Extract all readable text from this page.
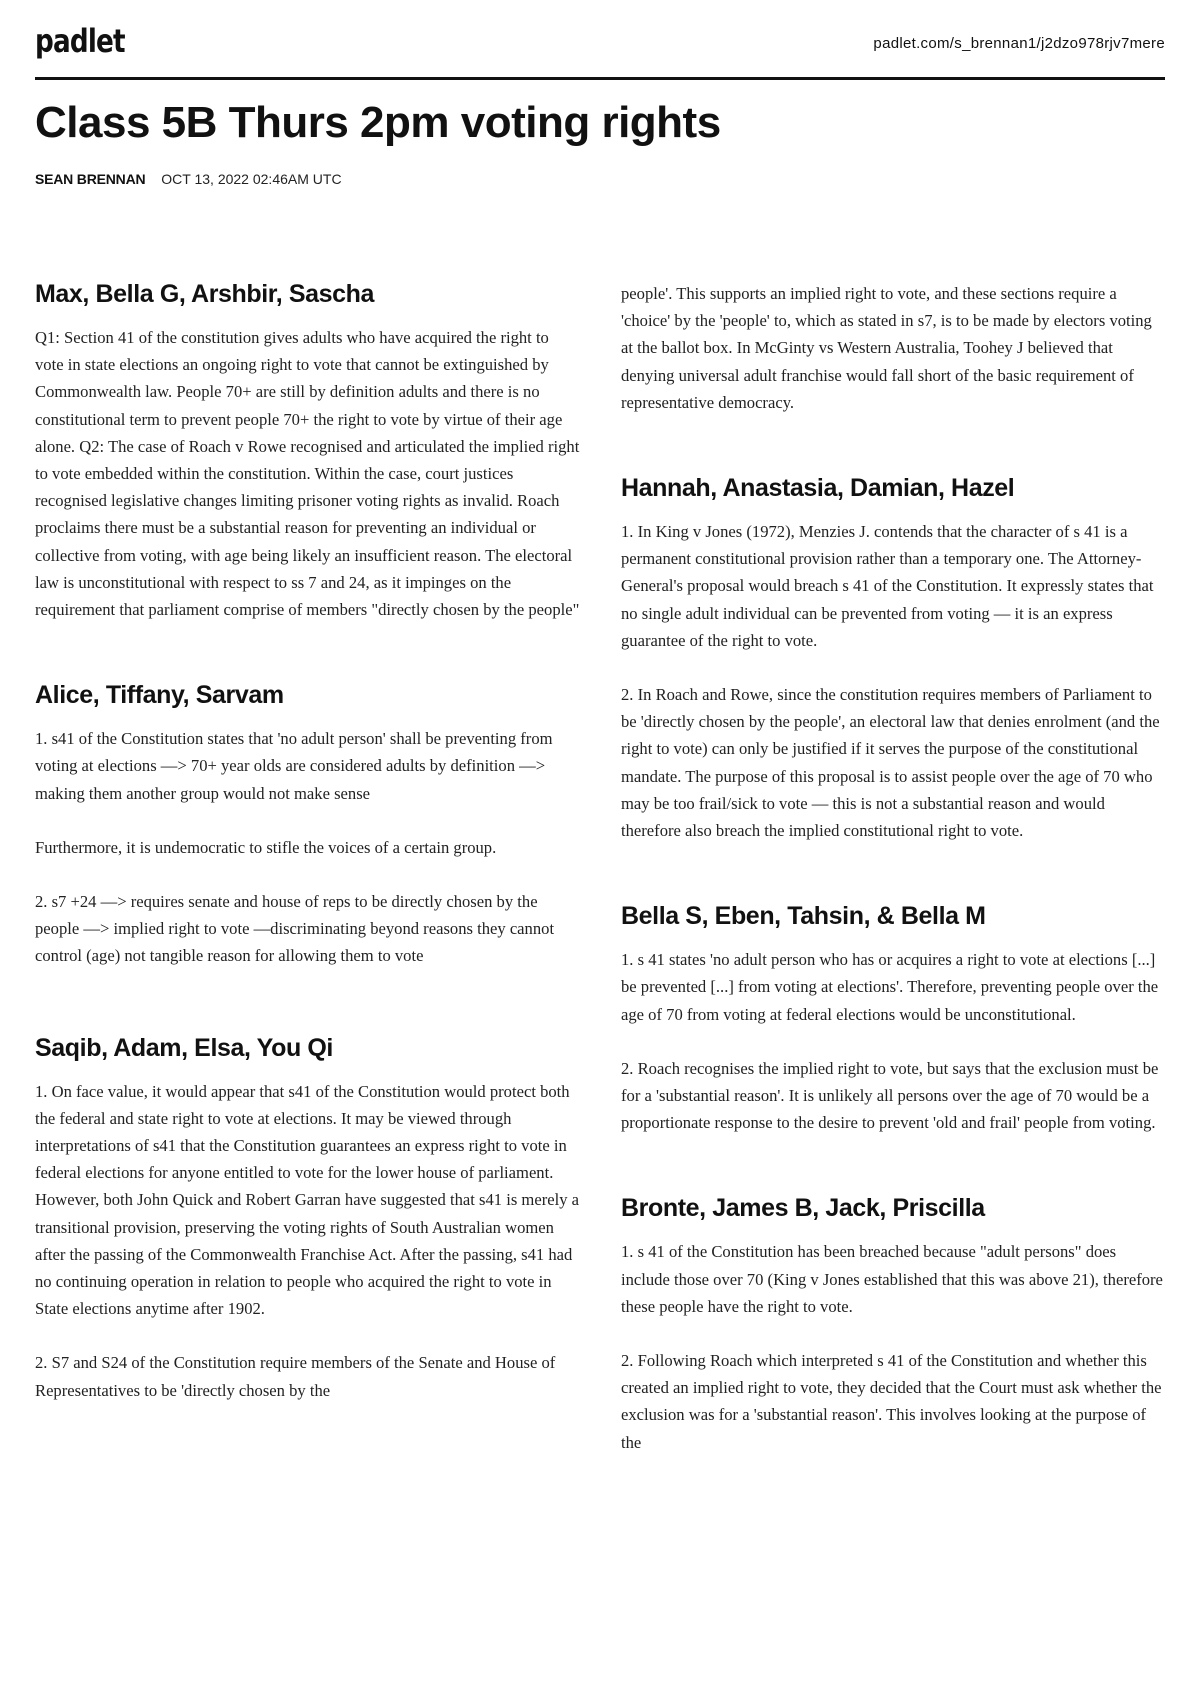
padlet	padlet.com/s_brennan1/j2dzo978rjv7mere
Class 5B Thurs 2pm voting rights
SEAN BRENNAN OCT 13, 2022 02:46AM UTC
Max, Bella G, Arshbir, Sascha

Q1: Section 41 of the constitution gives adults who have acquired the right to vote in state elections an ongoing right to vote that cannot be extinguished by Commonwealth law. People 70+ are still by definition adults and there is no constitutional term to prevent people 70+ the right to vote by virtue of their age alone. Q2: The case of Roach v Rowe recognised and articulated the implied right to vote embedded within the constitution. Within the case, court justices recognised legislative changes limiting prisoner voting rights as invalid. Roach proclaims there must be a substantial reason for preventing an individual or collective from voting, with age being likely an insufficient reason. The electoral law is unconstitutional with respect to ss 7 and 24, as it impinges on the requirement that parliament comprise of members "directly chosen by the people"

Alice, Tiffany, Sarvam

1. s41 of the Constitution states that 'no adult person' shall be preventing from voting at elections —> 70+ year olds are considered adults by definition —> making them another group would not make sense

Furthermore, it is undemocratic to stifle the voices of a certain group.

2. s7 +24 —> requires senate and house of reps to be directly chosen by the people —> implied right to vote —discriminating beyond reasons they cannot control (age) not tangible reason for allowing them to vote

Saqib, Adam, Elsa, You Qi

1. On face value, it would appear that s41 of the Constitution would protect both the federal and state right to vote at elections. It may be viewed through interpretations of s41 that the Constitution guarantees an express right to vote in federal elections for anyone entitled to vote for the lower house of parliament. However, both John Quick and Robert Garran have suggested that s41 is merely a transitional provision, preserving the voting rights of South Australian women after the passing of the Commonwealth Franchise Act. After the passing, s41 had no continuing operation in relation to people who acquired the right to vote in State elections anytime after 1902.

2. S7 and S24 of the Constitution require members of the Senate and House of Representatives to be 'directly chosen by the

people'. This supports an implied right to vote, and these sections require a 'choice' by the 'people' to, which as stated in s7, is to be made by electors voting at the ballot box. In McGinty vs Western Australia, Toohey J believed that denying universal adult franchise would fall short of the basic requirement of representative democracy.

Hannah, Anastasia, Damian, Hazel

1. In King v Jones (1972), Menzies J. contends that the character of s 41 is a permanent constitutional provision rather than a temporary one. The Attorney-General's proposal would breach s 41 of the Constitution. It expressly states that no single adult individual can be prevented from voting — it is an express guarantee of the right to vote.

2. In Roach and Rowe, since the constitution requires members of Parliament to be 'directly chosen by the people', an electoral law that denies enrolment (and the right to vote) can only be justified if it serves the purpose of the constitutional mandate. The purpose of this proposal is to assist people over the age of 70 who may be too frail/sick to vote — this is not a substantial reason and would therefore also breach the implied constitutional right to vote.

Bella S, Eben, Tahsin, & Bella M

1. s 41 states 'no adult person who has or acquires a right to vote at elections [...] be prevented [...] from voting at elections'. Therefore, preventing people over the age of 70 from voting at federal elections would be unconstitutional.

2. Roach recognises the implied right to vote, but says that the exclusion must be for a 'substantial reason'. It is unlikely all persons over the age of 70 would be a proportionate response to the desire to prevent 'old and frail' people from voting.

Bronte, James B, Jack, Priscilla

1. s 41 of the Constitution has been breached because "adult persons" does include those over 70 (King v Jones established that this was above 21), therefore these people have the right to vote.

2. Following Roach which interpreted s 41 of the Constitution and whether this created an implied right to vote, they decided that the Court must ask whether the exclusion was for a 'substantial reason'. This involves looking at the purpose of the
